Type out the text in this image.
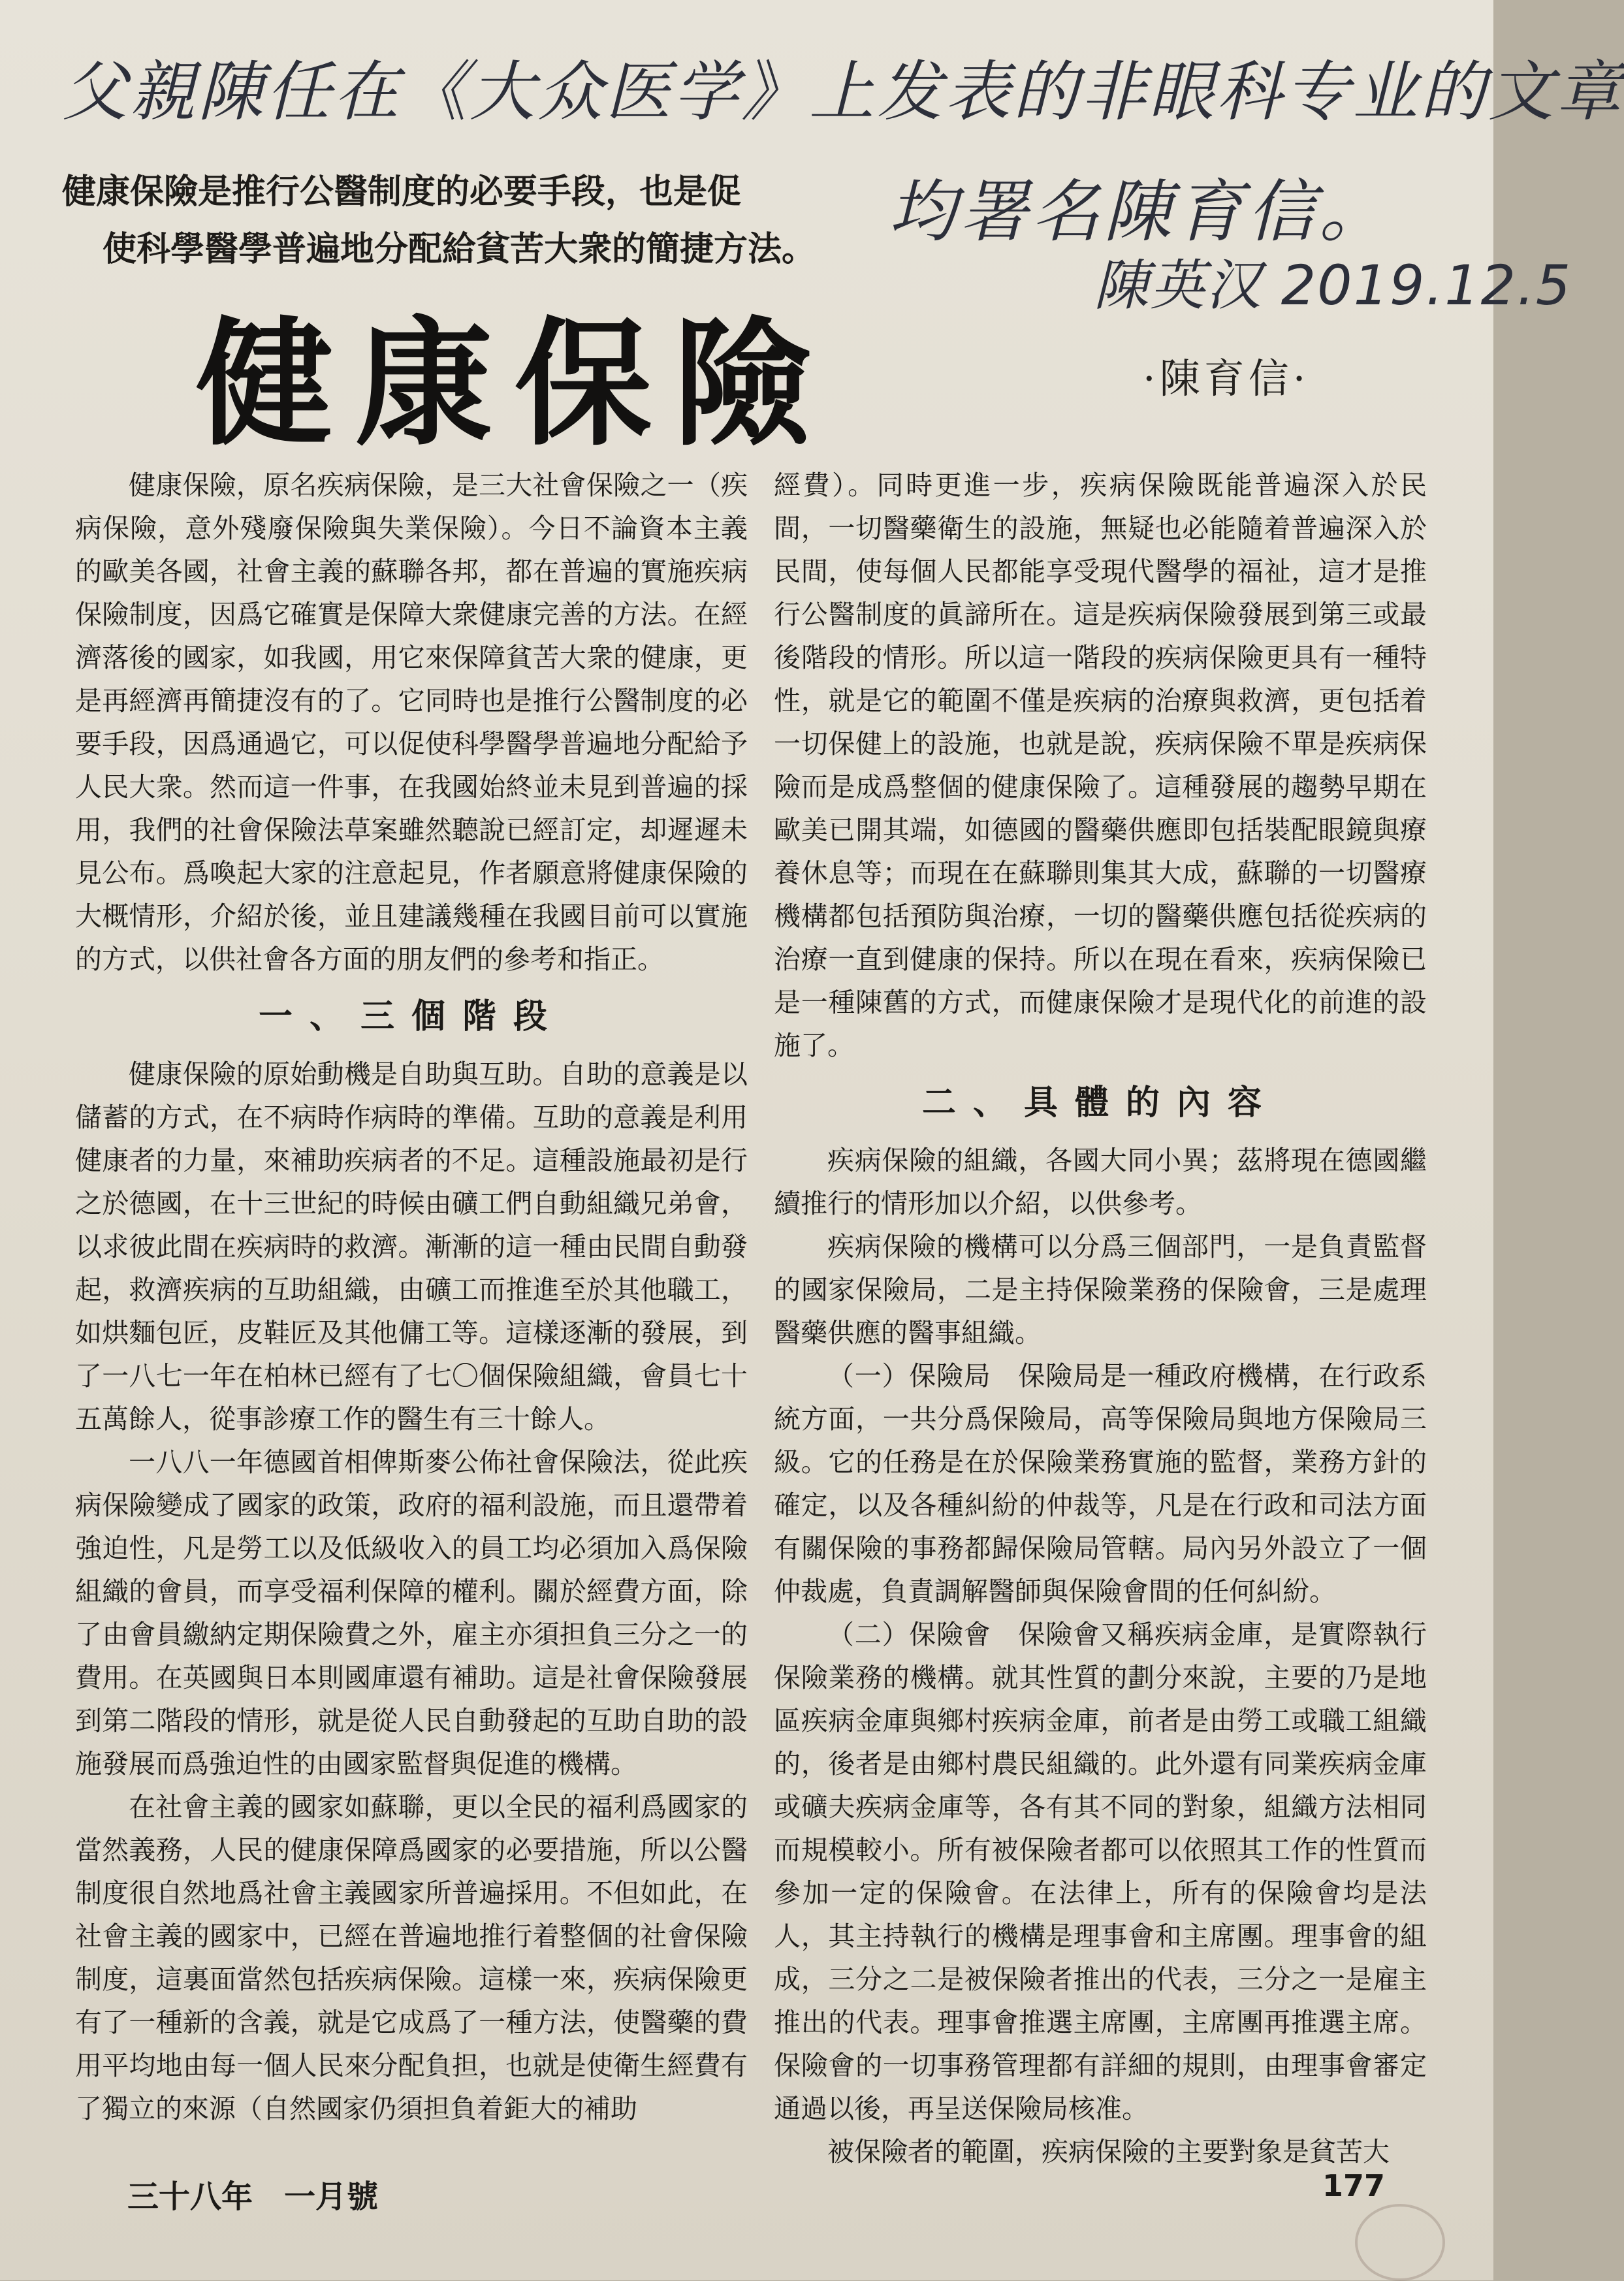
父親陳任在《大众医学》上发表的非眼科专业的文章
均署名陳育信。
陳英汉 2019.12.5
健康保險是推行公醫制度的必要手段，也是促
使科學醫學普遍地分配給貧苦大衆的簡捷方法。
健康保險	·陳育信·

健康保險，原名疾病保險，是三大社會保險之一（疾病保險，意外殘廢保險與失業保險）。今日不論資本主義的歐美各國，社會主義的蘇聯各邦，都在普遍的實施疾病保險制度，因爲它確實是保障大衆健康完善的方法。在經濟落後的國家，如我國，用它來保障貧苦大衆的健康，更是再經濟再簡捷沒有的了。它同時也是推行公醫制度的必要手段，因爲通過它，可以促使科學醫學普遍地分配給予人民大衆。然而這一件事，在我國始終並未見到普遍的採用，我們的社會保險法草案雖然聽說已經訂定，却遲遲未見公布。爲喚起大家的注意起見，作者願意將健康保險的大概情形，介紹於後，並且建議幾種在我國目前可以實施的方式，以供社會各方面的朋友們的參考和指正。

一、三個階段

健康保險的原始動機是自助與互助。自助的意義是以儲蓄的方式，在不病時作病時的準備。互助的意義是利用健康者的力量，來補助疾病者的不足。這種設施最初是行之於德國，在十三世紀的時候由礦工們自動組織兄弟會，以求彼此間在疾病時的救濟。漸漸的這一種由民間自動發起，救濟疾病的互助組織，由礦工而推進至於其他職工，如烘麵包匠，皮鞋匠及其他傭工等。這樣逐漸的發展，到了一八七一年在柏林已經有了七〇個保險組織，會員七十五萬餘人，從事診療工作的醫生有三十餘人。

一八八一年德國首相俾斯麥公佈社會保險法，從此疾病保險變成了國家的政策，政府的福利設施，而且還帶着強迫性，凡是勞工以及低級收入的員工均必須加入爲保險組織的會員，而享受福利保障的權利。關於經費方面，除了由會員繳納定期保險費之外，雇主亦須担負三分之一的費用。在英國與日本則國庫還有補助。這是社會保險發展到第二階段的情形，就是從人民自動發起的互助自助的設施發展而爲強迫性的由國家監督與促進的機構。

在社會主義的國家如蘇聯，更以全民的福利爲國家的當然義務，人民的健康保障爲國家的必要措施，所以公醫制度很自然地爲社會主義國家所普遍採用。不但如此，在社會主義的國家中，已經在普遍地推行着整個的社會保險制度，這裏面當然包括疾病保險。這樣一來，疾病保險更有了一種新的含義，就是它成爲了一種方法，使醫藥的費用平均地由每一個人民來分配負担，也就是使衛生經費有了獨立的來源（自然國家仍須担負着鉅大的補助

經費）。同時更進一步，疾病保險既能普遍深入於民間，一切醫藥衛生的設施，無疑也必能隨着普遍深入於民間，使每個人民都能享受現代醫學的福祉，這才是推行公醫制度的眞諦所在。這是疾病保險發展到第三或最後階段的情形。所以這一階段的疾病保險更具有一種特性，就是它的範圍不僅是疾病的治療與救濟，更包括着一切保健上的設施，也就是說，疾病保險不單是疾病保險而是成爲整個的健康保險了。這種發展的趨勢早期在歐美已開其端，如德國的醫藥供應即包括裝配眼鏡與療養休息等；而現在在蘇聯則集其大成，蘇聯的一切醫療機構都包括預防與治療，一切的醫藥供應包括從疾病的治療一直到健康的保持。所以在現在看來，疾病保險已是一種陳舊的方式，而健康保險才是現代化的前進的設施了。

二、具體的內容

疾病保險的組織，各國大同小異；茲將現在德國繼續推行的情形加以介紹，以供參考。

疾病保險的機構可以分爲三個部門，一是負責監督的國家保險局，二是主持保險業務的保險會，三是處理醫藥供應的醫事組織。

（一）保險局　保險局是一種政府機構，在行政系統方面，一共分爲保險局，高等保險局與地方保險局三級。它的任務是在於保險業務實施的監督，業務方針的確定，以及各種糾紛的仲裁等，凡是在行政和司法方面有關保險的事務都歸保險局管轄。局內另外設立了一個仲裁處，負責調解醫師與保險會間的任何糾紛。

（二）保險會　保險會又稱疾病金庫，是實際執行保險業務的機構。就其性質的劃分來說，主要的乃是地區疾病金庫與鄉村疾病金庫，前者是由勞工或職工組織的，後者是由鄉村農民組織的。此外還有同業疾病金庫或礦夫疾病金庫等，各有其不同的對象，組織方法相同而規模較小。所有被保險者都可以依照其工作的性質而參加一定的保險會。在法律上，所有的保險會均是法人，其主持執行的機構是理事會和主席團。理事會的組成，三分之二是被保險者推出的代表，三分之一是雇主推出的代表。理事會推選主席團，主席團再推選主席。保險會的一切事務管理都有詳細的規則，由理事會審定通過以後，再呈送保險局核准。

被保險者的範圍，疾病保險的主要對象是貧苦大

三十八年　一月號	177
